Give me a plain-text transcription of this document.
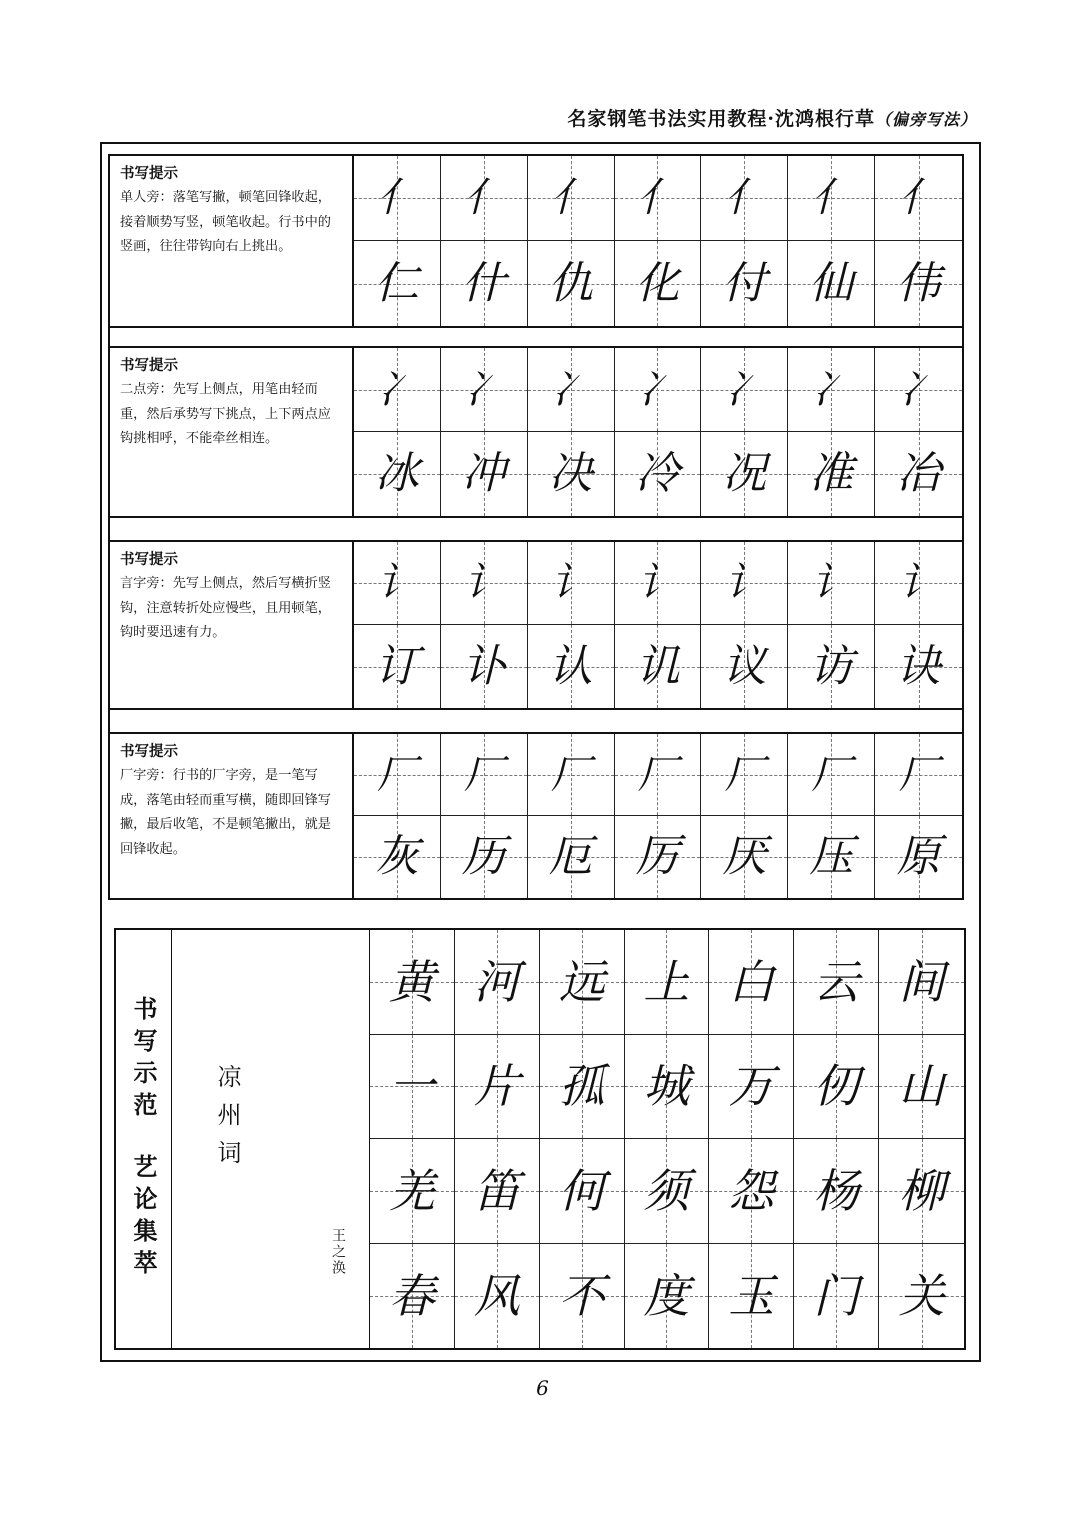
名家钢笔书法实用教程·沈鸿根行草（偏旁写法）
书写提示
单人旁：落笔写撇，顿笔回锋收起，接着顺势写竖，顿笔收起。行书中的竖画，往往带钩向右上挑出。
亻 亻 亻 亻 亻 亻 亻
仁 什 仇 化 付 仙 伟
书写提示
二点旁：先写上侧点，用笔由轻而重，然后承势写下挑点，上下两点应钩挑相呼，不能牵丝相连。
冫 冫 冫 冫 冫 冫 冫
冰 冲 决 冷 况 准 冶
书写提示
言字旁：先写上侧点，然后写横折竖钩，注意转折处应慢些，且用顿笔，钩时要迅速有力。
讠 讠 讠 讠 讠 讠 讠
订 讣 认 讥 议 访 诀
书写提示
厂字旁：行书的厂字旁，是一笔写成，落笔由轻而重写横，随即回锋写撇，最后收笔，不是顿笔撇出，就是回锋收起。
厂 厂 厂 厂 厂 厂 厂
灰 历 厄 厉 厌 压 原
书写示范
艺论集萃
凉州词
王之涣
黄 河 远 上 白 云 间
一 片 孤 城 万 仞 山
羌 笛 何 须 怨 杨 柳
春 风 不 度 玉 门 关
6
